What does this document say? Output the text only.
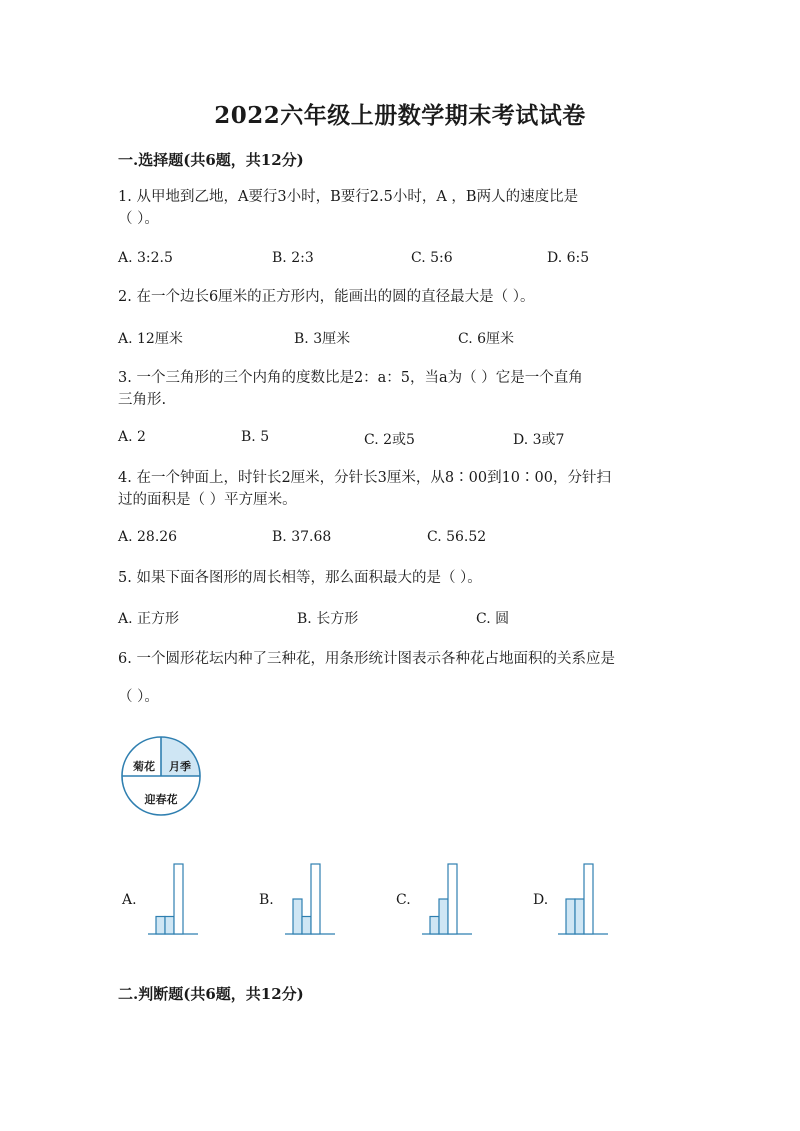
2022六年级上册数学期末考试试卷
一.选择题(共6题，共12分)
1. 从甲地到乙地，A要行3小时，B要行2.5小时，A ，B两人的速度比是
（ ）。
A. 3:2.5	B. 2:3	C. 5:6	D. 6:5
2. 在一个边长6厘米的正方形内，能画出的圆的直径最大是（ ）。
A. 12厘米	B. 3厘米	C. 6厘米
3. 一个三角形的三个内角的度数比是2：a：5，当a为（ ）它是一个直角
三角形.
A. 2	B. 5	C. 2或5	D. 3或7
4. 在一个钟面上，时针长2厘米，分针长3厘米，从8∶00到10∶00，分针扫
过的面积是（ ）平方厘米。
A. 28.26	B. 37.68	C. 56.52
5. 如果下面各图形的周长相等，那么面积最大的是（ ）。
A. 正方形	B. 长方形	C. 圆
6. 一个圆形花坛内种了三种花，用条形统计图表示各种花占地面积的关系应是
（ ）。
菊花 月季
迎春花
A.	B.	C.	D.
二.判断题(共6题，共12分)
